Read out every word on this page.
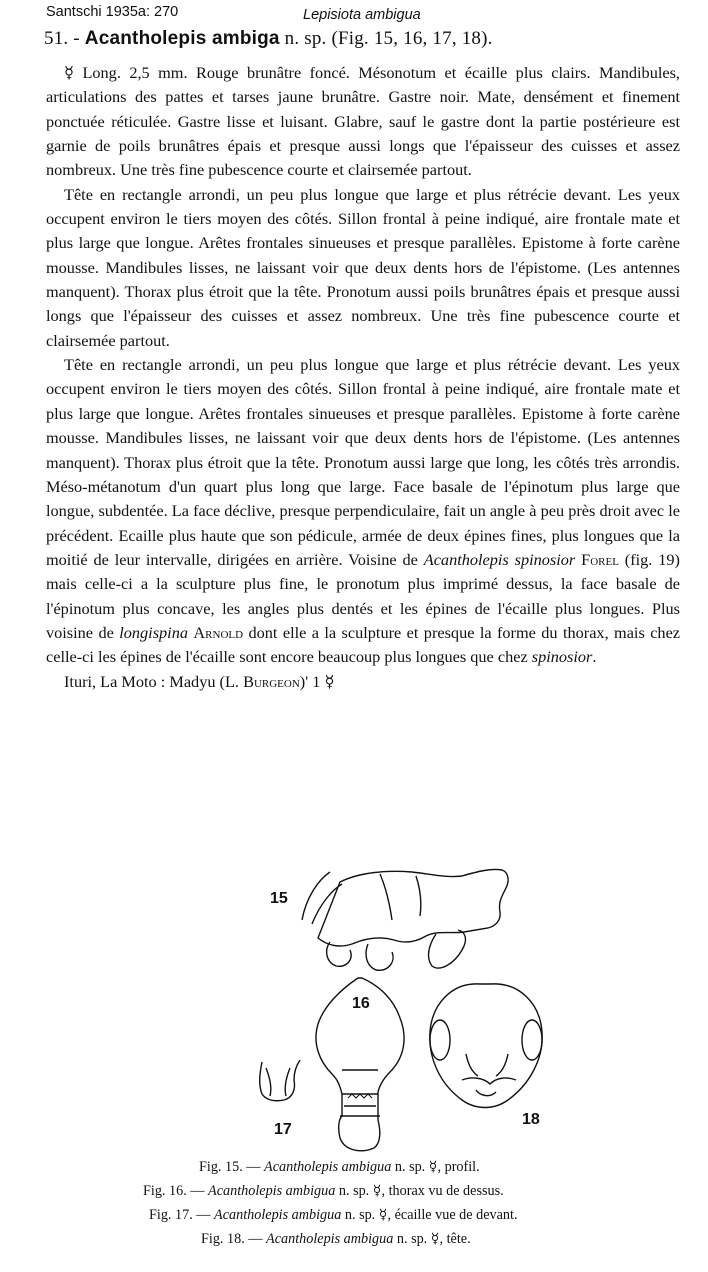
Santschi 1935a: 270	Lepisiota ambigua
51. - Acantholepis ambiga n. sp. (Fig. 15, 16, 17, 18).

☿ Long. 2,5 mm. Rouge brunâtre foncé. Mésonotum et écaille plus clairs. Mandibules, articulations des pattes et tarses jaune brunâtre. Gastre noir. Mate, densément et finement ponctuée réticulée. Gastre lisse et luisant. Glabre, sauf le gastre dont la partie postérieure est garnie de poils brunâtres épais et presque aussi longs que l'épaisseur des cuisses et assez nombreux. Une très fine pubescence courte et clairsemée partout.

Tête en rectangle arrondi, un peu plus longue que large et plus rétrécie devant. Les yeux occupent environ le tiers moyen des côtés. Sillon frontal à peine indiqué, aire frontale mate et plus large que longue. Arêtes frontales sinueuses et presque parallèles. Epistome à forte carène mousse. Mandibules lisses, ne laissant voir que deux dents hors de l'épistome. (Les antennes manquent). Thorax plus étroit que la tête. Pronotum aussi poils brunâtres épais et presque aussi longs que l'épaisseur des cuisses et assez nombreux. Une très fine pubescence courte et clairsemée partout.

Tête en rectangle arrondi, un peu plus longue que large et plus rétrécie devant. Les yeux occupent environ le tiers moyen des côtés. Sillon frontal à peine indiqué, aire frontale mate et plus large que longue. Arêtes frontales sinueuses et presque parallèles. Epistome à forte carène mousse. Mandibules lisses, ne laissant voir que deux dents hors de l'épistome. (Les antennes manquent). Thorax plus étroit que la tête. Pronotum aussi large que long, les côtés très arrondis. Méso-métanotum d'un quart plus long que large. Face basale de l'épinotum plus large que longue, subdentée. La face déclive, presque perpendiculaire, fait un angle à peu près droit avec le précédent. Ecaille plus haute que son pédicule, armée de deux épines fines, plus longues que la moitié de leur intervalle, dirigées en arrière. Voisine de Acantholepis spinosior Forel (fig. 19) mais celle-ci a la sculpture plus fine, le pronotum plus imprimé dessus, la face basale de l'épinotum plus concave, les angles plus dentés et les épines de l'écaille plus longues. Plus voisine de longispina Arnold dont elle a la sculpture et presque la forme du thorax, mais chez celle-ci les épines de l'écaille sont encore beaucoup plus longues que chez spinosior.

Ituri, La Moto : Madyu (L. Burgeon)' 1 ☿

15
16
17
18
Fig. 15. — Acantholepis ambigua n. sp. ☿, profil.
Fig. 16. — Acantholepis ambigua n. sp. ☿, thorax vu de dessus.
Fig. 17. — Acantholepis ambigua n. sp. ☿, écaille vue de devant.
Fig. 18. — Acantholepis ambigua n. sp. ☿, tête.
